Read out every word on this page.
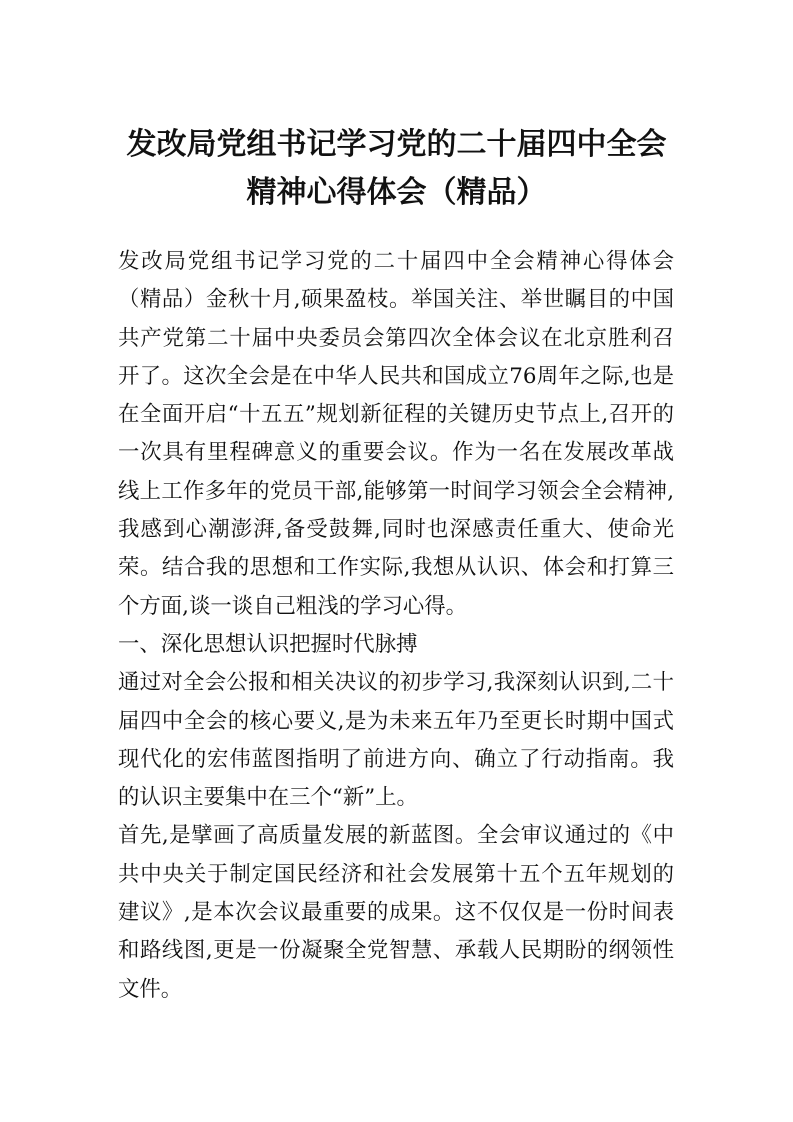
发改局党组书记学习党的二十届四中全会
精神心得体会（精品）

发改局党组书记学习党的二十届四中全会精神心得体会（精品）金秋十月,硕果盈枝。举国关注、举世瞩目的中国共产党第二十届中央委员会第四次全体会议在北京胜利召开了。这次全会是在中华人民共和国成立76周年之际,也是在全面开启“十五五”规划新征程的关键历史节点上,召开的一次具有里程碑意义的重要会议。作为一名在发展改革战线上工作多年的党员干部,能够第一时间学习领会全会精神,我感到心潮澎湃,备受鼓舞,同时也深感责任重大、使命光荣。结合我的思想和工作实际,我想从认识、体会和打算三个方面,谈一谈自己粗浅的学习心得。

一、深化思想认识把握时代脉搏

通过对全会公报和相关决议的初步学习,我深刻认识到,二十届四中全会的核心要义,是为未来五年乃至更长时期中国式现代化的宏伟蓝图指明了前进方向、确立了行动指南。我的认识主要集中在三个“新”上。

首先,是擘画了高质量发展的新蓝图。全会审议通过的《中共中央关于制定国民经济和社会发展第十五个五年规划的建议》,是本次会议最重要的成果。这不仅仅是一份时间表和路线图,更是一份凝聚全党智慧、承载人民期盼的纲领性文件。
